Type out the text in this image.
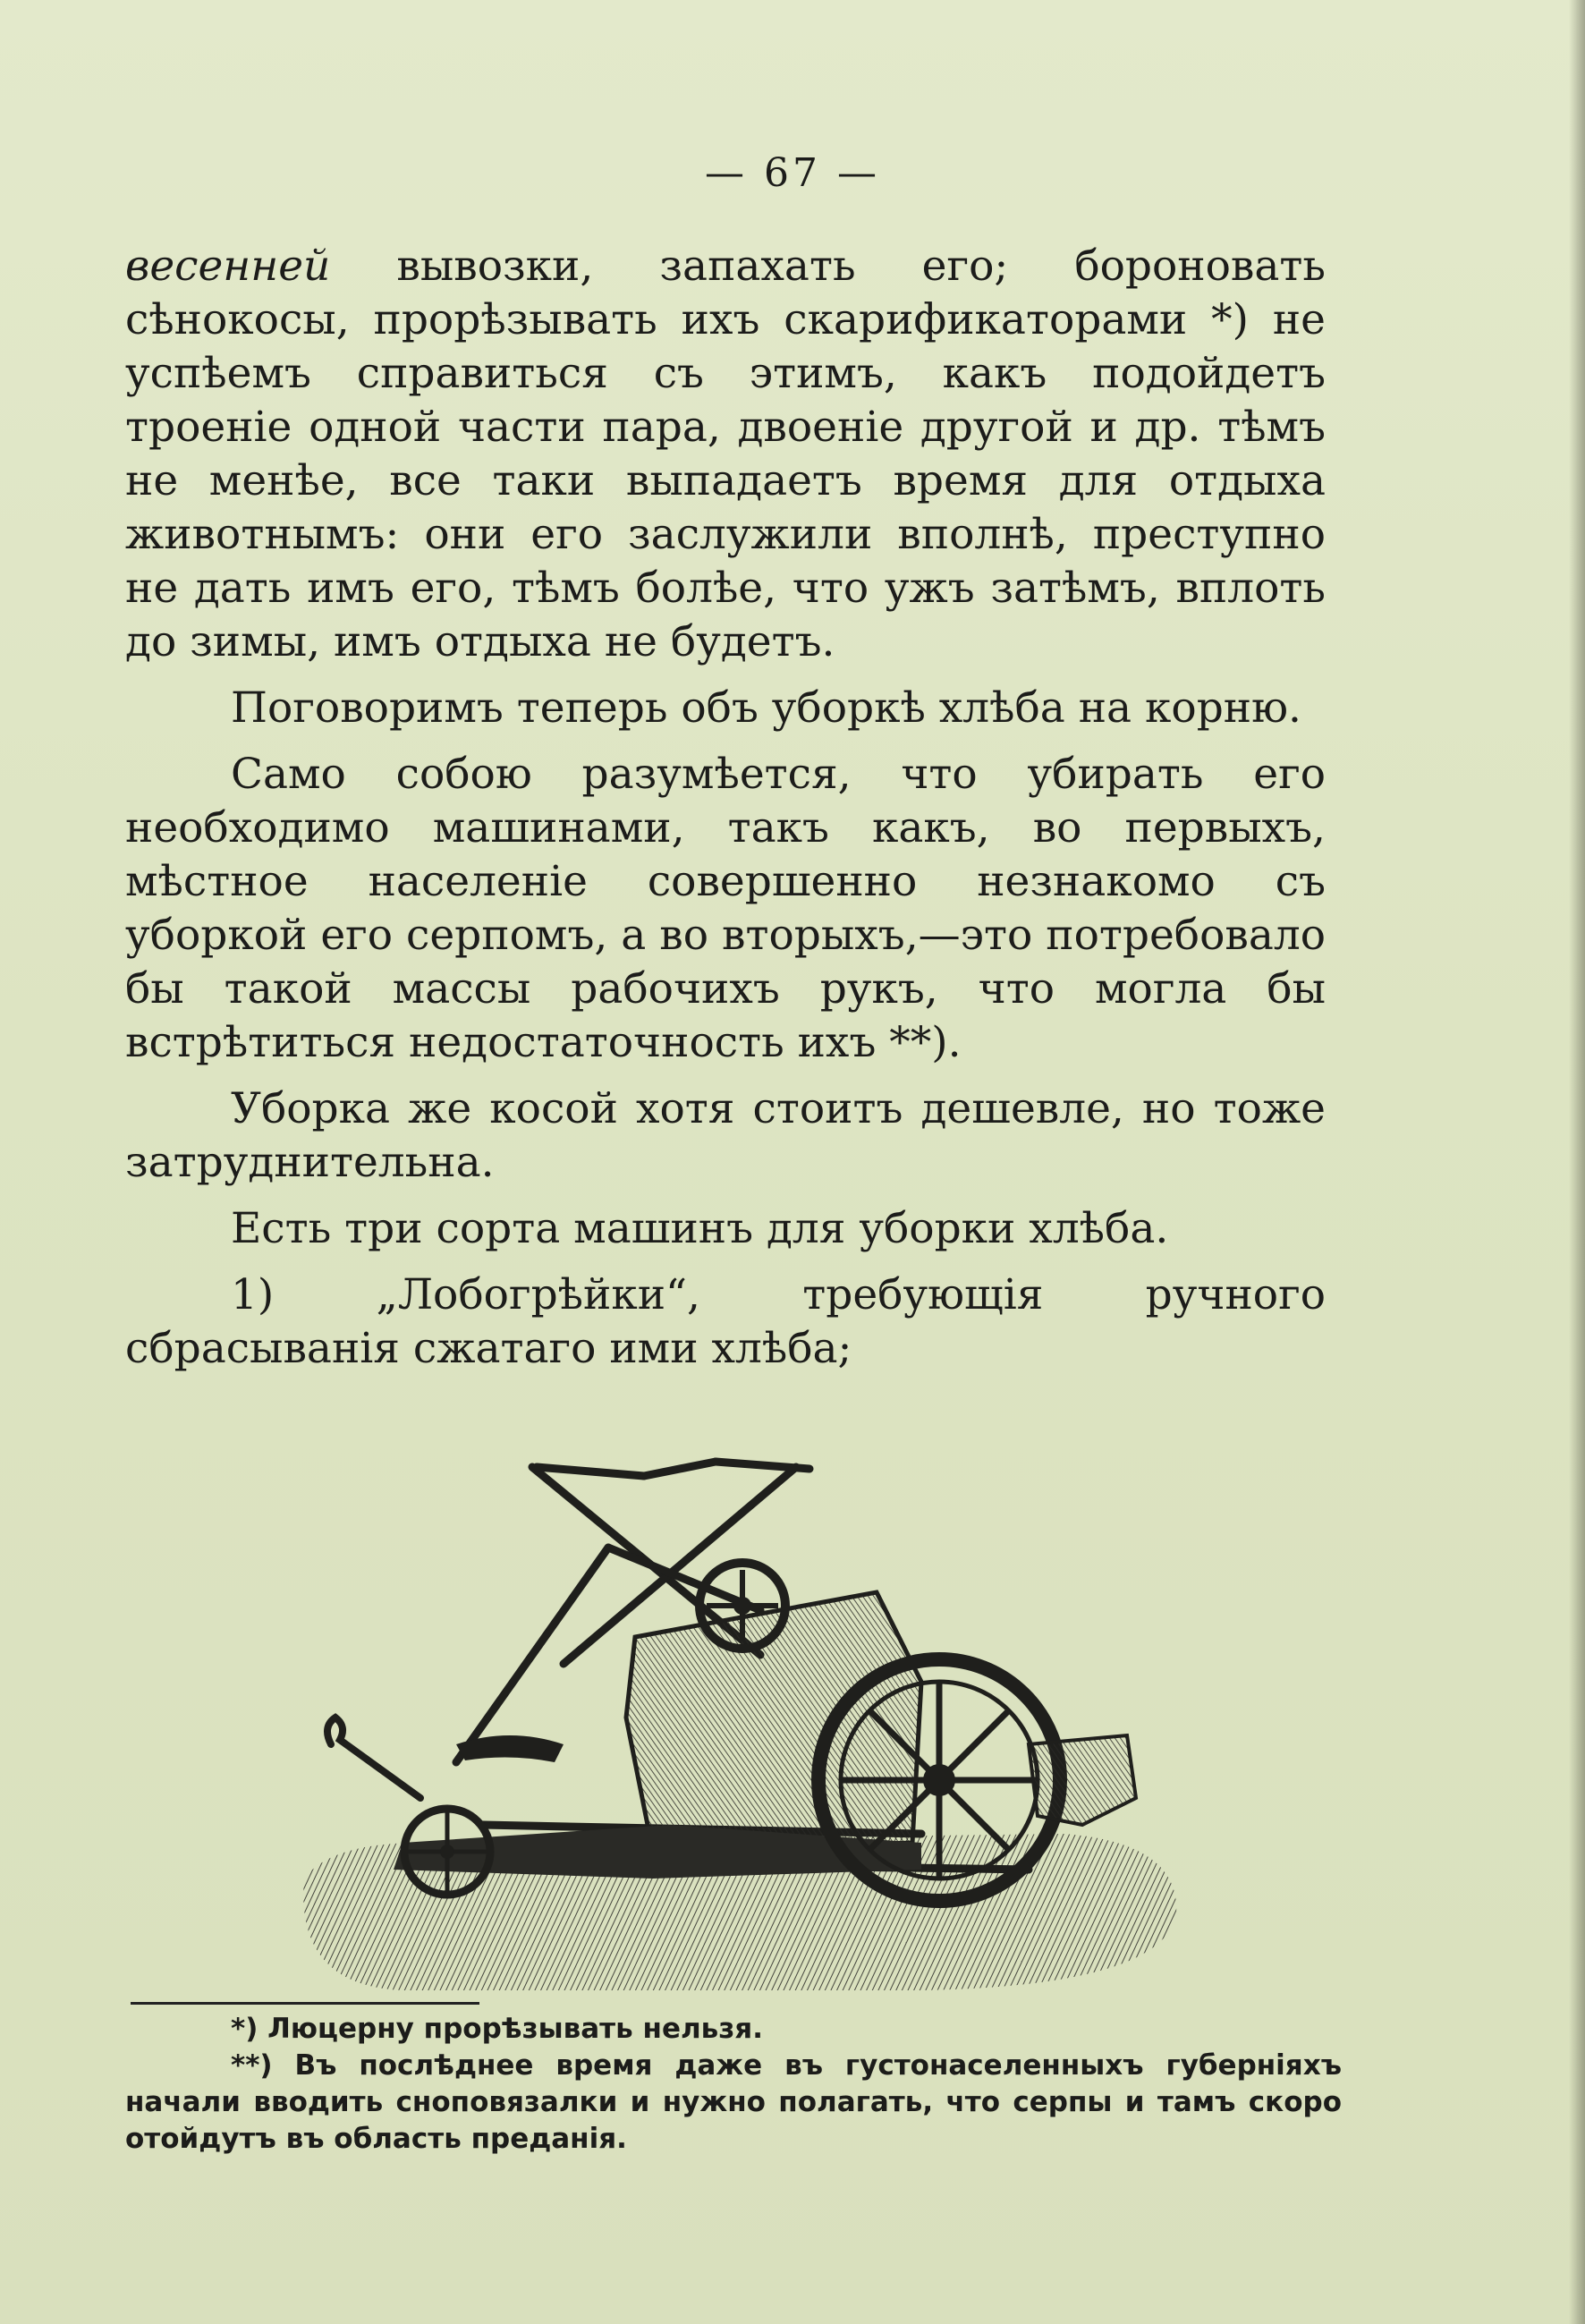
— 67 —

весенней вывозки, запахать его; бороновать сѣнокосы, прорѣзывать ихъ скарификаторами *) не успѣемъ справиться съ этимъ, какъ подойдетъ троеніе одной части пара, двоеніе другой и др. тѣмъ не менѣе, все таки выпадаетъ время для отдыха животнымъ: они его заслужили вполнѣ, преступно не дать имъ его, тѣмъ болѣе, что ужъ затѣмъ, вплоть до зимы, имъ отдыха не будетъ.

Поговоримъ теперь объ уборкѣ хлѣба на корню.

Само собою разумѣется, что убирать его необходимо машинами, такъ какъ, во первыхъ, мѣстное населеніе совершенно незнакомо съ уборкой его серпомъ, а во вторыхъ,—это потребовало бы такой массы рабочихъ рукъ, что могла бы встрѣтиться недостаточность ихъ **).

Уборка же косой хотя стоитъ дешевле, но тоже затруднительна.

Есть три сорта машинъ для уборки хлѣба.

1) „Лобогрѣйки“, требующія ручного сбрасыванія сжатаго ими хлѣба;

*) Люцерну прорѣзывать нельзя.

**) Въ послѣднее время даже въ густонаселенныхъ губерніяхъ начали вводить сноповязалки и нужно полагать, что серпы и тамъ скоро отойдутъ въ область преданія.
